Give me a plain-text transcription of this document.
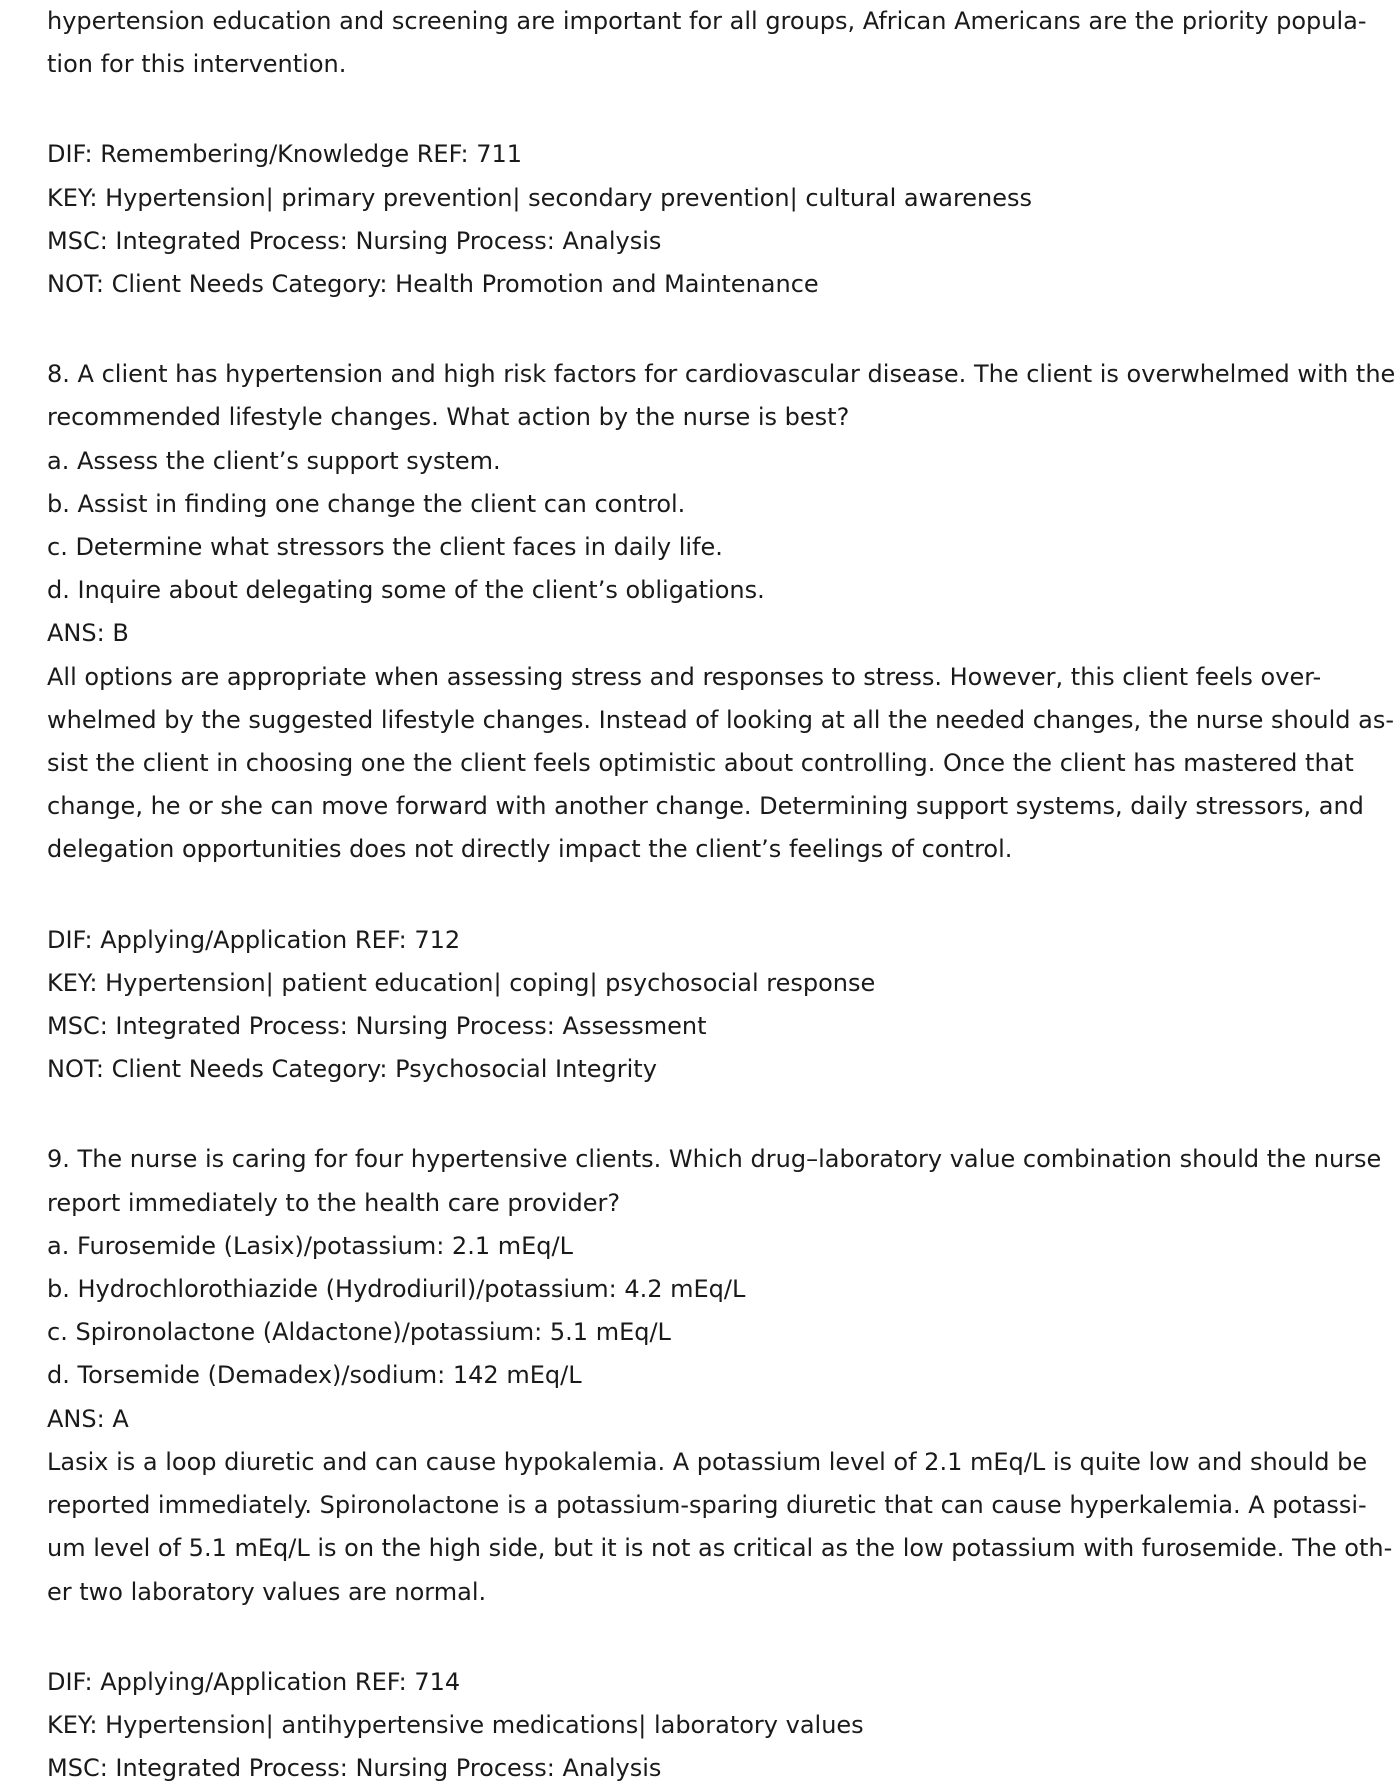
hypertension education and screening are important for all groups, African Americans are the priority popula-

tion for this intervention.

DIF: Remembering/Knowledge REF: 711

KEY: Hypertension| primary prevention| secondary prevention| cultural awareness

MSC: Integrated Process: Nursing Process: Analysis

NOT: Client Needs Category: Health Promotion and Maintenance

8. A client has hypertension and high risk factors for cardiovascular disease. The client is overwhelmed with the

recommended lifestyle changes. What action by the nurse is best?

a. Assess the client’s support system.

b. Assist in finding one change the client can control.

c. Determine what stressors the client faces in daily life.

d. Inquire about delegating some of the client’s obligations.

ANS: B

All options are appropriate when assessing stress and responses to stress. However, this client feels over-

whelmed by the suggested lifestyle changes. Instead of looking at all the needed changes, the nurse should as-

sist the client in choosing one the client feels optimistic about controlling. Once the client has mastered that

change, he or she can move forward with another change. Determining support systems, daily stressors, and

delegation opportunities does not directly impact the client’s feelings of control.

DIF: Applying/Application REF: 712

KEY: Hypertension| patient education| coping| psychosocial response

MSC: Integrated Process: Nursing Process: Assessment

NOT: Client Needs Category: Psychosocial Integrity

9. The nurse is caring for four hypertensive clients. Which drug–laboratory value combination should the nurse

report immediately to the health care provider?

a. Furosemide (Lasix)/potassium: 2.1 mEq/L

b. Hydrochlorothiazide (Hydrodiuril)/potassium: 4.2 mEq/L

c. Spironolactone (Aldactone)/potassium: 5.1 mEq/L

d. Torsemide (Demadex)/sodium: 142 mEq/L

ANS: A

Lasix is a loop diuretic and can cause hypokalemia. A potassium level of 2.1 mEq/L is quite low and should be

reported immediately. Spironolactone is a potassium-sparing diuretic that can cause hyperkalemia. A potassi-

um level of 5.1 mEq/L is on the high side, but it is not as critical as the low potassium with furosemide. The oth-

er two laboratory values are normal.

DIF: Applying/Application REF: 714

KEY: Hypertension| antihypertensive medications| laboratory values

MSC: Integrated Process: Nursing Process: Analysis
